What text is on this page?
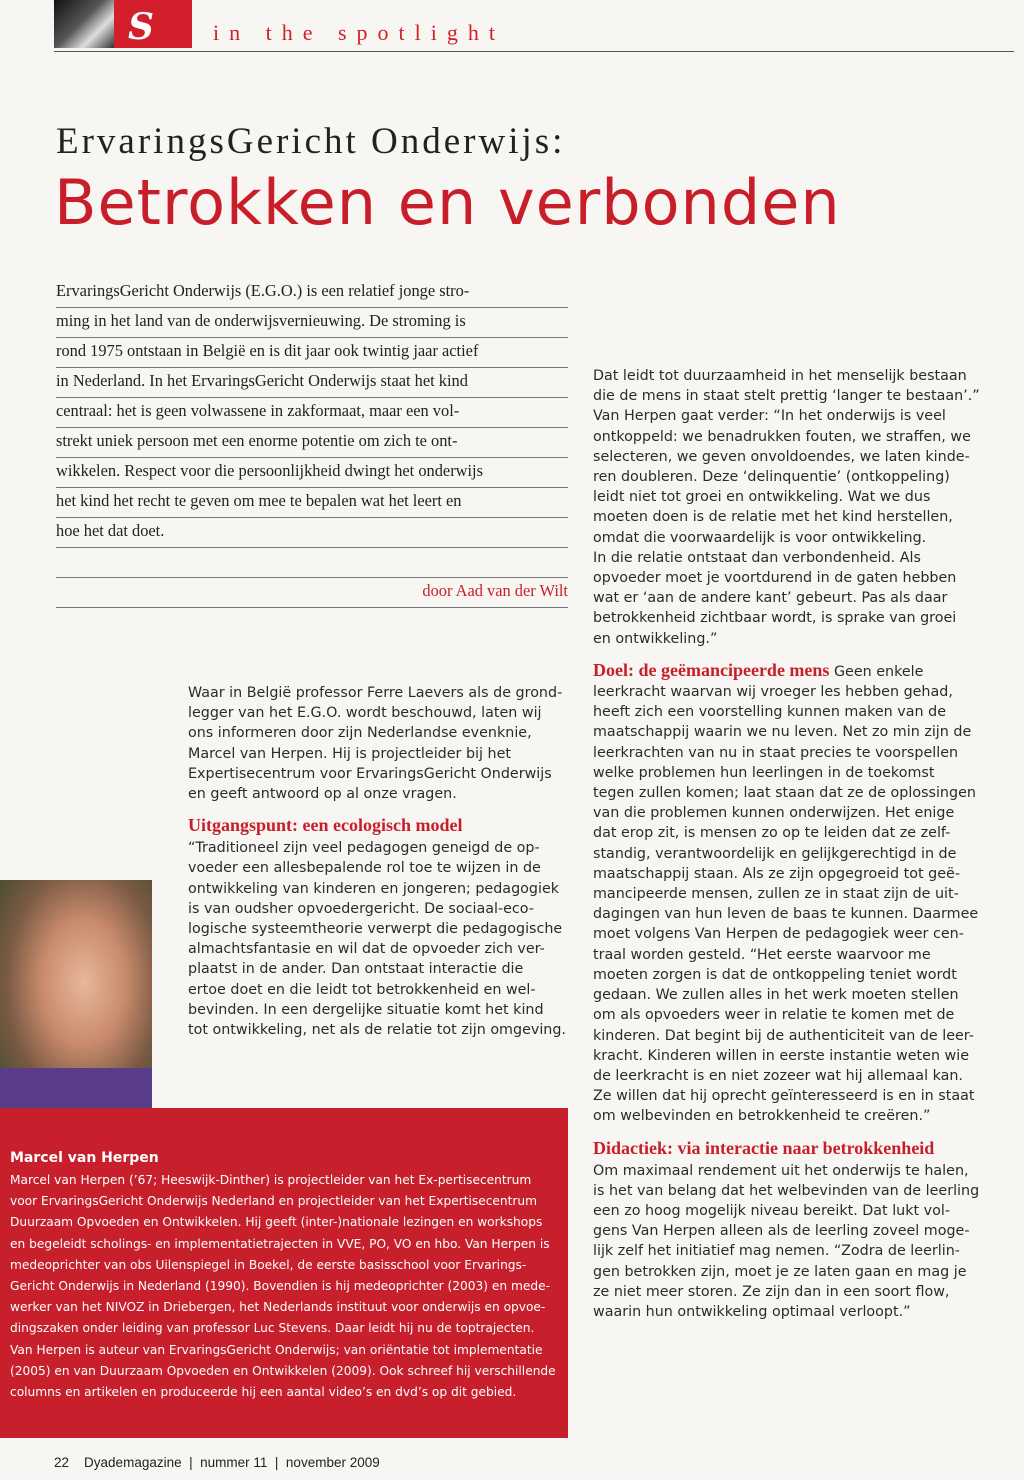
S	in the spotlight
ErvaringsGericht Onderwijs:
Betrokken en verbonden
ErvaringsGericht Onderwijs (E.G.O.) is een relatief jonge stro-
ming in het land van de onderwijsvernieuwing. De stroming is
rond 1975 ontstaan in België en is dit jaar ook twintig jaar actief
in Nederland. In het ErvaringsGericht Onderwijs staat het kind
centraal: het is geen volwassene in zakformaat, maar een vol-
strekt uniek persoon met een enorme potentie om zich te ont-
wikkelen. Respect voor die persoonlijkheid dwingt het onderwijs
het kind het recht te geven om mee te bepalen wat het leert en
hoe het dat doet.
door Aad van der Wilt

Waar in België professor Ferre Laevers als de grond-
legger van het E.G.O. wordt beschouwd, laten wij
ons informeren door zijn Nederlandse evenknie,
Marcel van Herpen. Hij is projectleider bij het
Expertisecentrum voor ErvaringsGericht Onderwijs
en geeft antwoord op al onze vragen.

Uitgangspunt: een ecologisch model

“Traditioneel zijn veel pedagogen geneigd de op-
voeder een allesbepalende rol toe te wijzen in de
ontwikkeling van kinderen en jongeren; pedagogiek
is van oudsher opvoedergericht. De sociaal-eco-
logische systeemtheorie verwerpt die pedagogische
almachtsfantasie en wil dat de opvoeder zich ver-
plaatst in de ander. Dan ontstaat interactie die
ertoe doet en die leidt tot betrokkenheid en wel-
bevinden. In een dergelijke situatie komt het kind
tot ontwikkeling, net als de relatie tot zijn omgeving.

Dat leidt tot duurzaamheid in het menselijk bestaan
die de mens in staat stelt prettig ‘langer te bestaan’.”
Van Herpen gaat verder: “In het onderwijs is veel
ontkoppeld: we benadrukken fouten, we straffen, we
selecteren, we geven onvoldoendes, we laten kinde-
ren doubleren. Deze ‘delinquentie’ (ontkoppeling)
leidt niet tot groei en ontwikkeling. Wat we dus
moeten doen is de relatie met het kind herstellen,
omdat die voorwaardelijk is voor ontwikkeling.
In die relatie ontstaat dan verbondenheid. Als
opvoeder moet je voortdurend in de gaten hebben
wat er ‘aan de andere kant’ gebeurt. Pas als daar
betrokkenheid zichtbaar wordt, is sprake van groei
en ontwikkeling.”

Doel: de geëmancipeerde mens Geen enkele

leerkracht waarvan wij vroeger les hebben gehad,
heeft zich een voorstelling kunnen maken van de
maatschappij waarin we nu leven. Net zo min zijn de
leerkrachten van nu in staat precies te voorspellen
welke problemen hun leerlingen in de toekomst
tegen zullen komen; laat staan dat ze de oplossingen
van die problemen kunnen onderwijzen. Het enige
dat erop zit, is mensen zo op te leiden dat ze zelf-
standig, verantwoordelijk en gelijkgerechtigd in de
maatschappij staan. Als ze zijn opgegroeid tot geë-
mancipeerde mensen, zullen ze in staat zijn de uit-
dagingen van hun leven de baas te kunnen. Daarmee
moet volgens Van Herpen de pedagogiek weer cen-
traal worden gesteld. “Het eerste waarvoor me
moeten zorgen is dat de ontkoppeling teniet wordt
gedaan. We zullen alles in het werk moeten stellen
om als opvoeders weer in relatie te komen met de
kinderen. Dat begint bij de authenticiteit van de leer-
kracht. Kinderen willen in eerste instantie weten wie
de leerkracht is en niet zozeer wat hij allemaal kan.
Ze willen dat hij oprecht geïnteresseerd is en in staat
om welbevinden en betrokkenheid te creëren.”

Didactiek: via interactie naar betrokkenheid

Om maximaal rendement uit het onderwijs te halen,
is het van belang dat het welbevinden van de leerling
een zo hoog mogelijk niveau bereikt. Dat lukt vol-
gens Van Herpen alleen als de leerling zoveel moge-
lijk zelf het initiatief mag nemen. “Zodra de leerlin-
gen betrokken zijn, moet je ze laten gaan en mag je
ze niet meer storen. Ze zijn dan in een soort flow,
waarin hun ontwikkeling optimaal verloopt.”

Marcel van Herpen
Marcel van Herpen (’67; Heeswijk-Dinther) is projectleider van het Ex-pertisecentrum
voor ErvaringsGericht Onderwijs Nederland en projectleider van het Expertisecentrum
Duurzaam Opvoeden en Ontwikkelen. Hij geeft (inter-)nationale lezingen en workshops
en begeleidt scholings- en implementatietrajecten in VVE, PO, VO en hbo. Van Herpen is
medeoprichter van obs Uilenspiegel in Boekel, de eerste basisschool voor Ervarings-
Gericht Onderwijs in Nederland (1990). Bovendien is hij medeoprichter (2003) en mede-
werker van het NIVOZ in Driebergen, het Nederlands instituut voor onderwijs en opvoe-
dingszaken onder leiding van professor Luc Stevens. Daar leidt hij nu de toptrajecten.
Van Herpen is auteur van ErvaringsGericht Onderwijs; van oriëntatie tot implementatie
(2005) en van Duurzaam Opvoeden en Ontwikkelen (2009). Ook schreef hij verschillende
columns en artikelen en produceerde hij een aantal video’s en dvd’s op dit gebied.
22 Dyademagazine  |  nummer 11  |  november 2009
